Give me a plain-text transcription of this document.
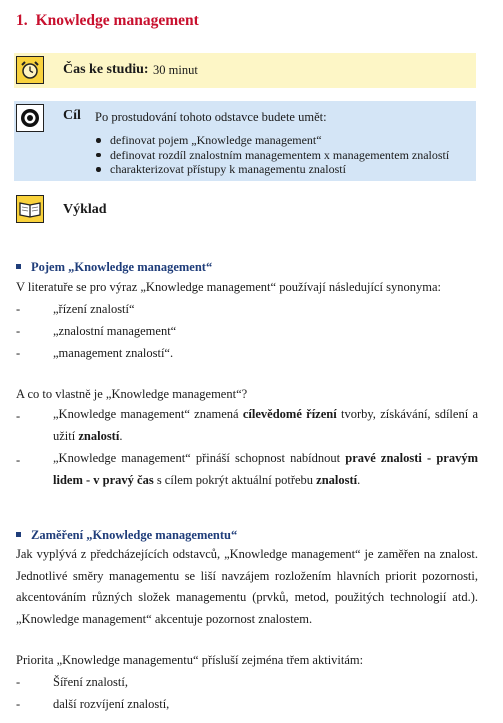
1. Knowledge management
Čas ke studiu: 30 minut
Cíl Po prostudování tohoto odstavce budete umět:
definovat pojem „Knowledge management“
definovat rozdíl znalostním managementem x managementem znalostí
charakterizovat přístupy k managementu znalostí
Výklad
Pojem „Knowledge management“
V literatuře se pro výraz „Knowledge management“ používají následující synonyma:
-	„řízení znalostí“
-	„znalostní management“
-	„management znalostí“.
A co to vlastně je „Knowledge management“?
-	„Knowledge management“ znamená cílevědomé řízení tvorby, získávání, sdílení a užití znalostí.
-	„Knowledge management“ přináší schopnost nabídnout pravé znalosti - pravým lidem - v pravý čas s cílem pokrýt aktuální potřebu znalostí.
Zaměření „Knowledge managementu“
Jak vyplývá z předcházejících odstavců, „Knowledge management“ je zaměřen na znalost. Jednotlivé směry managementu se liší navzájem rozložením hlavních priorit pozornosti, akcentováním různých složek managementu (prvků, metod, použitých technologií atd.). „Knowledge management“ akcentuje pozornost znalostem.
Priorita „Knowledge managementu“ přísluší zejména třem aktivitám:
-	Šíření znalostí,
-	další rozvíjení znalostí,
